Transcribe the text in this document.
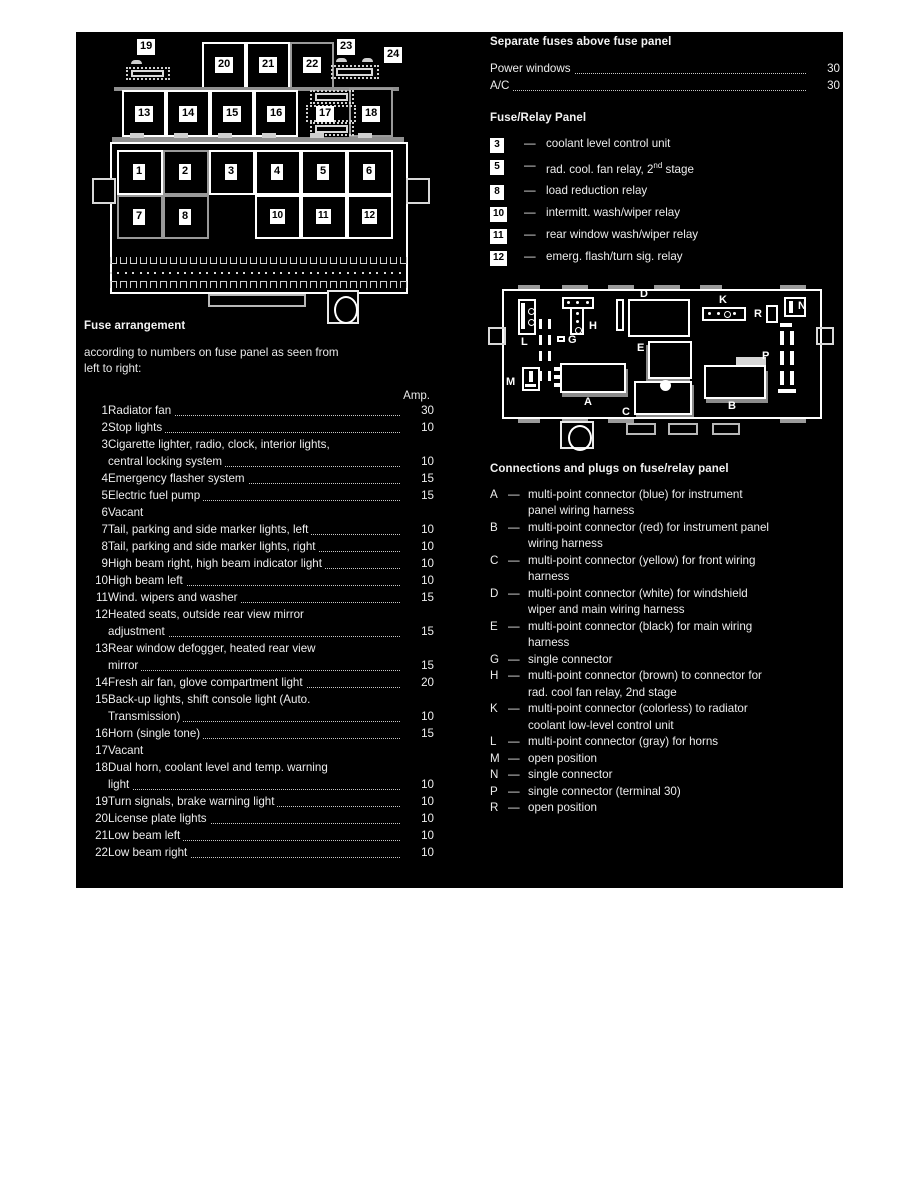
20	21	22
19	23
24
13	14	15	16	18
17
1	2	3	4	5	6
7	8	10	11	12
Fuse arrangement

according to numbers on fuse panel as seen from
left to right:

Amp.
1	Radiator fan	30
2	Stop lights	10
3	Cigarette lighter, radio, clock, interior lights,	

	central locking system	10
4	Emergency flasher system	15
5	Electric fuel pump	15
6	Vacant	

7	Tail, parking and side marker lights, left	10
8	Tail, parking and side marker lights, right	10
9	High beam right, high beam indicator light	10
10	High beam left	10
11	Wind. wipers and washer	15
12	Heated seats, outside rear view mirror	

	adjustment	15
13	Rear window defogger, heated rear view	

	mirror	15
14	Fresh air fan, glove compartment light	20
15	Back-up lights, shift console light (Auto.	

	Transmission)	10
16	Horn (single tone)	15
17	Vacant	

18	Dual horn, coolant level and temp. warning	

	light	10
19	Turn signals, brake warning light	10
20	License plate lights	10
21	Low beam left	10
22	Low beam right	10
Separate fuses above fuse panel
Power windows	30

A/C	30
Fuse/Relay Panel
3	—	coolant level control unit
5	—	rad. cool. fan relay, 2nd stage
8	—	load reduction relay
10	—	intermitt. wash/wiper relay
11	—	rear window wash/wiper relay
12	—	emerg. flash/turn sig. relay
L
H
G
M
A
D
E
C	B
K
R
N
P
Connections and plugs on fuse/relay panel
A	—	multi-point connector (blue) for instrument
panel wiring harness
B	—	multi-point connector (red) for instrument panel
wiring harness
C	—	multi-point connector (yellow) for front wiring
harness
D	—	multi-point connector (white) for windshield
wiper and main wiring harness
E	—	multi-point connector (black) for main wiring
harness
G	—	single connector
H	—	multi-point connector (brown) to connector for
rad. cool fan relay, 2nd stage
K	—	multi-point connector (colorless) to radiator
coolant low-level control unit
L	—	multi-point connector (gray) for horns
M	—	open position
N	—	single connector
P	—	single connector (terminal 30)
R	—	open position
